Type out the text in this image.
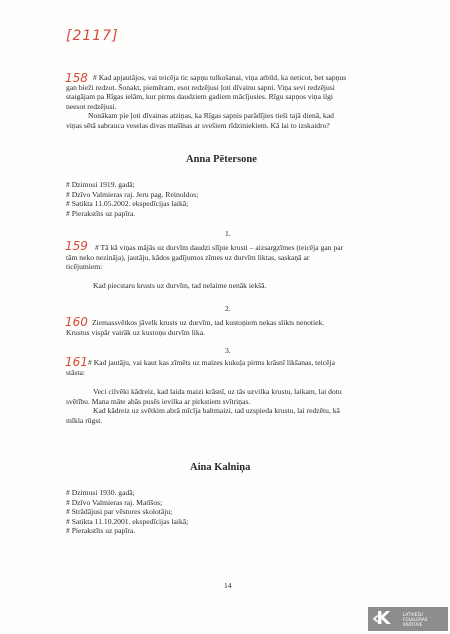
[2117]
158 # Kad apjautājos, vai teicēja tic sapņu tulkošanai, viņa atbild, ka neticot, bet sapņus
gan bieži redzot. Šonakt, piemēram, esot redzējusi ļoti dīvainu sapni. Viņa sevi redzējusi
staigājam pa Rīgas ielām, kur pirms daudziem gadiem mācījusies. Rīgu sapņos viņa ilgi
neesot redzējusi.
Nonākam pie ļoti dīvainas atziņas, ka Rīgas sapnis parādījies tieši tajā dienā, kad
viņas sētā sabrauca veselas divas mašīnas ar svešiem rīdziniekiem. Kā lai to izskaidro?
Anna Pētersone
# Dzimusi 1919. gadā;
# Dzīvo Valmieras raj. Jeru pag. Reinoldos;
# Satikta 11.05.2002. ekspedīcijas laikā;
# Pierakstīts uz papīra.
1.
159 # Tā kā viņas mājās uz durvīm daudzi slīpie krusti – aizsargzīmes (teicēja gan par
tām neko nezināja), jautāju, kādos gadījumos zīmes uz durvīm liktas, saskaņā ar
ticējumiem:
Kad piecstaru krusts uz durvīm, tad nelaime nenāk iekšā.
2.
160 Ziemassvētkos jāvelk krusts uz durvīm, tad kustoņiem nekas slikts nenotiek.
Krustus vispār vairāk uz kustoņu durvīm lika.
3.
161 # Kad jautāju, vai kaut kas zīmēts uz maizes kukuļa pirms krāsnī likšanas, teicēja
stāsta:
Veci cilvēki kādreiz, kad laida maizi krāsnī, uz tās uzvilka krustu, laikam, lai dotu
svētību. Mana māte abās pusēs ievilka ar pirkstiem svītriņas.
Kad kādreiz uz svētkim abrā mīcīja baltmaizi, tad uzspieda krustu, lai redzētu, kā
mīkla rūgst.
Aina Kalniņa
# Dzimusi 1930. gadā;
# Dzīvo Valmieras raj. Matīšos;
# Strādājusi par vēstures skolotāju;
# Satikta 11.10.2001. ekspedīcijas laikā;
# Pierakstīts uz papīra.
14
‹K	LATVIEŠU
FOLKLORAS
KRĀTUVE
